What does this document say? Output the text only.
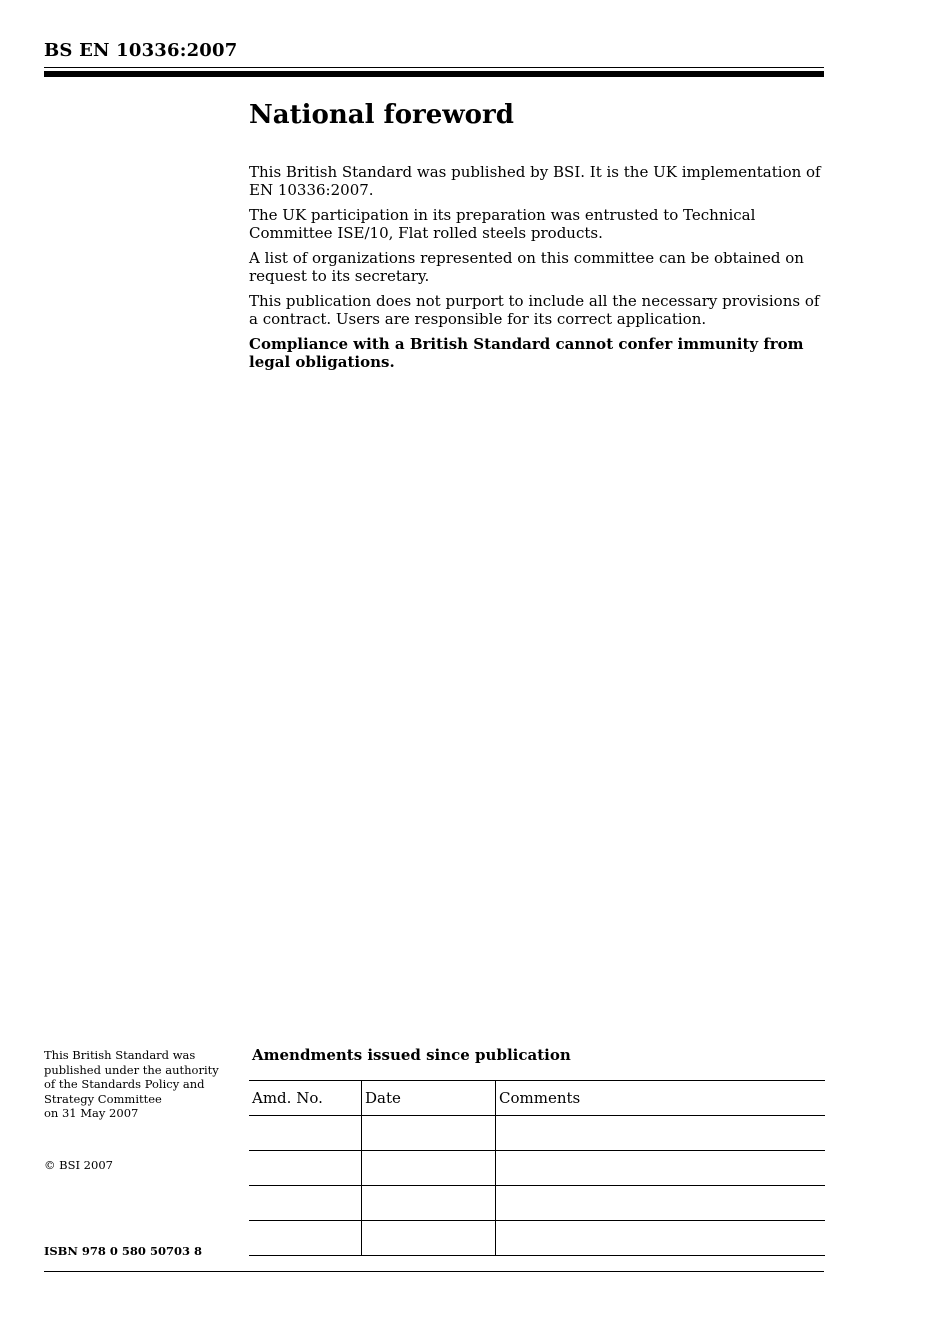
BS EN 10336:2007
National foreword

This British Standard was published by BSI. It is the UK implementation of EN 10336:2007.

The UK participation in its preparation was entrusted to Technical Committee ISE/10, Flat rolled steels products.

A list of organizations represented on this committee can be obtained on request to its secretary.

This publication does not purport to include all the necessary provisions of a contract. Users are responsible for its correct application.

Compliance with a British Standard cannot confer immunity from legal obligations.

This British Standard was
published under the authority
of the Standards Policy and
Strategy Committee
on 31 May 2007
© BSI 2007
ISBN 978 0 580 50703 8
Amendments issued since publication
Amd. No.	Date	Comments
